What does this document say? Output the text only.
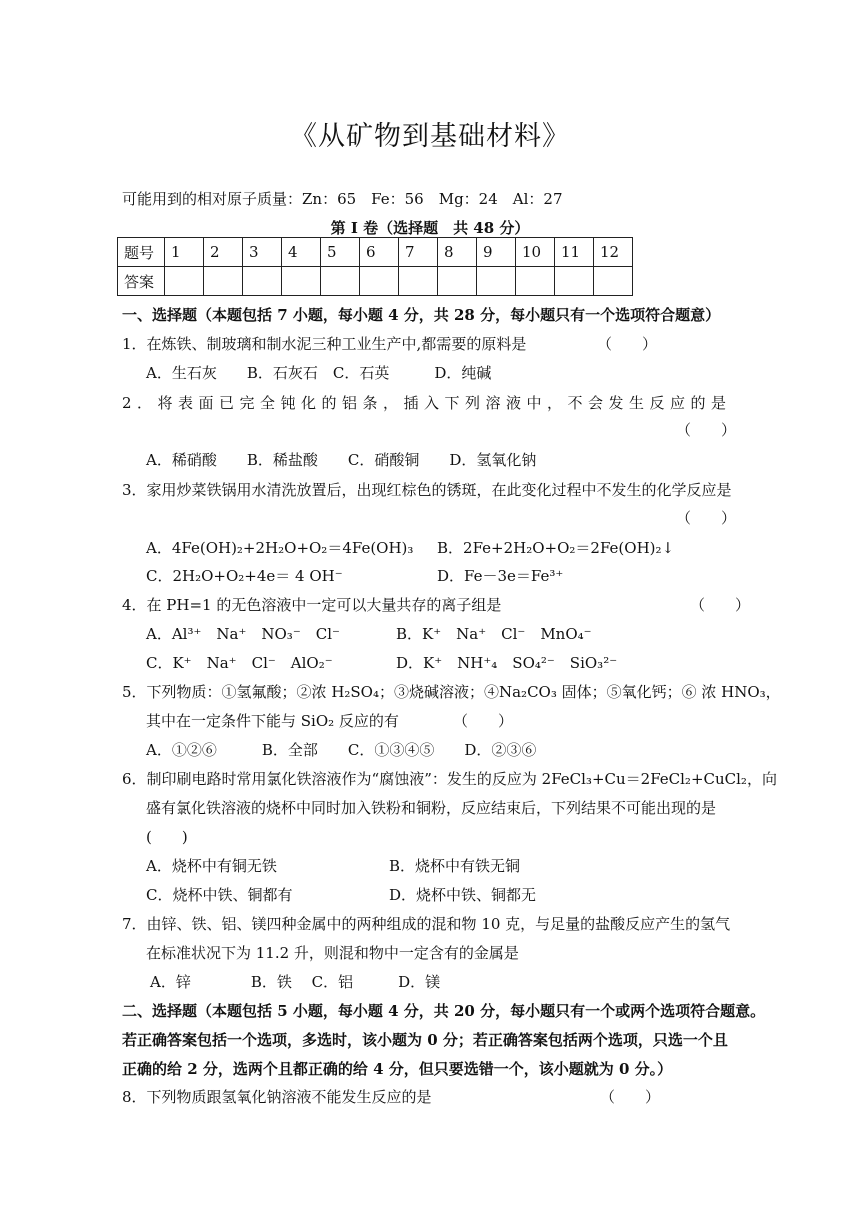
《从矿物到基础材料》
可能用到的相对原子质量：Zn：65　Fe：56　Mg：24　Al：27
第 I 卷（选择题　共 48 分）
题号	1	2	3	4	5	6	7	8	9	10	11	12
答案												
一、选择题（本题包括 7 小题，每小题 4 分，共 28 分，每小题只有一个选项符合题意）
1．在炼铁、制玻璃和制水泥三种工业生产中,都需要的原料是	（　　）
A．生石灰　　B．石灰石　C．石英　　　D．纯碱
2．将表面已完全钝化的铝条，插入下列溶液中，不会发生反应的是
（　　）
A．稀硝酸　　B．稀盐酸　　C．硝酸铜　　D．氢氧化钠
3．家用炒菜铁锅用水清洗放置后，出现红棕色的锈斑，在此变化过程中不发生的化学反应是
（　　）
A．4Fe(OH)₂+2H₂O+O₂＝4Fe(OH)₃ B．2Fe+2H₂O+O₂＝2Fe(OH)₂↓
C．2H₂O+O₂+4e＝ 4 OH⁻	D．Fe－3e＝Fe³⁺
4．在 PH=1 的无色溶液中一定可以大量共存的离子组是	（　　）
A．Al³⁺　Na⁺　NO₃⁻　Cl⁻	B．K⁺　Na⁺　Cl⁻　MnO₄⁻
C．K⁺　Na⁺　Cl⁻　AlO₂⁻	D．K⁺　NH⁺₄　SO₄²⁻　SiO₃²⁻
5．下列物质：①氢氟酸；②浓 H₂SO₄；③烧碱溶液；④Na₂CO₃ 固体；⑤氧化钙；⑥ 浓 HNO₃，
其中在一定条件下能与 SiO₂ 反应的有	（　　）
A．①②⑥　　　B．全部　　C．①③④⑤　　D．②③⑥
6．制印刷电路时常用氯化铁溶液作为“腐蚀液”：发生的反应为 2FeCl₃+Cu＝2FeCl₂+CuCl₂，向
盛有氯化铁溶液的烧杯中同时加入铁粉和铜粉，反应结束后，下列结果不可能出现的是
(　　)
A．烧杯中有铜无铁	B．烧杯中有铁无铜
C．烧杯中铁、铜都有	D．烧杯中铁、铜都无
7．由锌、铁、铝、镁四种金属中的两种组成的混和物 10 克，与足量的盐酸反应产生的氢气
在标准状况下为 11.2 升，则混和物中一定含有的金属是
A．锌　　　　B．铁　 C．铝　　　D．镁
二、选择题（本题包括 5 小题，每小题 4 分，共 20 分，每小题只有一个或两个选项符合题意。
若正确答案包括一个选项，多选时，该小题为 0 分；若正确答案包括两个选项，只选一个且
正确的给 2 分，选两个且都正确的给 4 分，但只要选错一个，该小题就为 0 分。）
8．下列物质跟氢氧化钠溶液不能发生反应的是	（　　）
